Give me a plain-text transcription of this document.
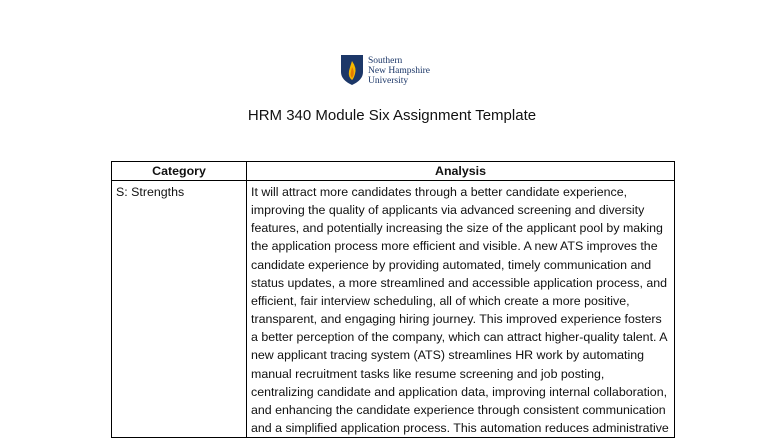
Southern
New Hampshire
University
HRM 340 Module Six Assignment Template
Category	Analysis
S: Strengths	It will attract more candidates through a better candidate experience, improving the quality of applicants via advanced screening and diversity features, and potentially increasing the size of the applicant pool by making the application process more efficient and visible. A new ATS improves the candidate experience by providing automated, timely communication and status updates, a more streamlined and accessible application process, and efficient, fair interview scheduling, all of which create a more positive, transparent, and engaging hiring journey. This improved experience fosters a better perception of the company, which can attract higher-quality talent. A new applicant tracing system (ATS) streamlines HR work by automating manual recruitment tasks like resume screening and job posting, centralizing candidate and application data, improving internal collaboration, and enhancing the candidate experience through consistent communication and a simplified application process. This automation reduces administrative
